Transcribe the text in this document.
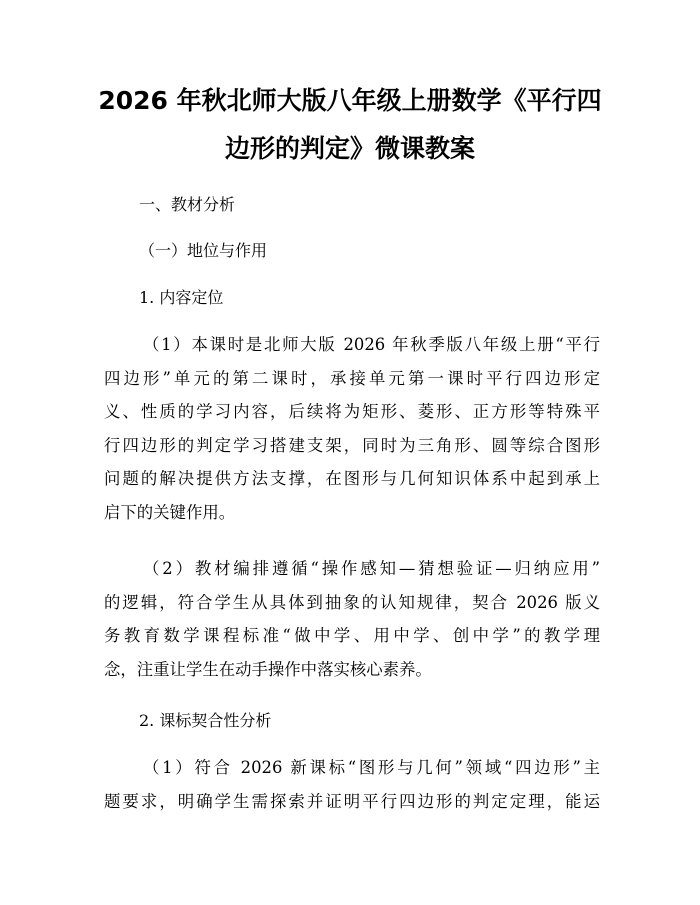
2026 年秋北师大版八年级上册数学《平行四
边形的判定》微课教案
一、教材分析
（一）地位与作用
1. 内容定位
（1）本课时是北师大版 2026 年秋季版八年级上册“平行
四边形”单元的第二课时，承接单元第一课时平行四边形定
义、性质的学习内容，后续将为矩形、菱形、正方形等特殊平
行四边形的判定学习搭建支架，同时为三角形、圆等综合图形
问题的解决提供方法支撑，在图形与几何知识体系中起到承上
启下的关键作用。
（2）教材编排遵循“操作感知—猜想验证—归纳应用”
的逻辑，符合学生从具体到抽象的认知规律，契合 2026 版义
务教育数学课程标准“做中学、用中学、创中学”的教学理
念，注重让学生在动手操作中落实核心素养。
2. 课标契合性分析
（1）符合 2026 新课标“图形与几何”领域“四边形”主
题要求，明确学生需探索并证明平行四边形的判定定理，能运
